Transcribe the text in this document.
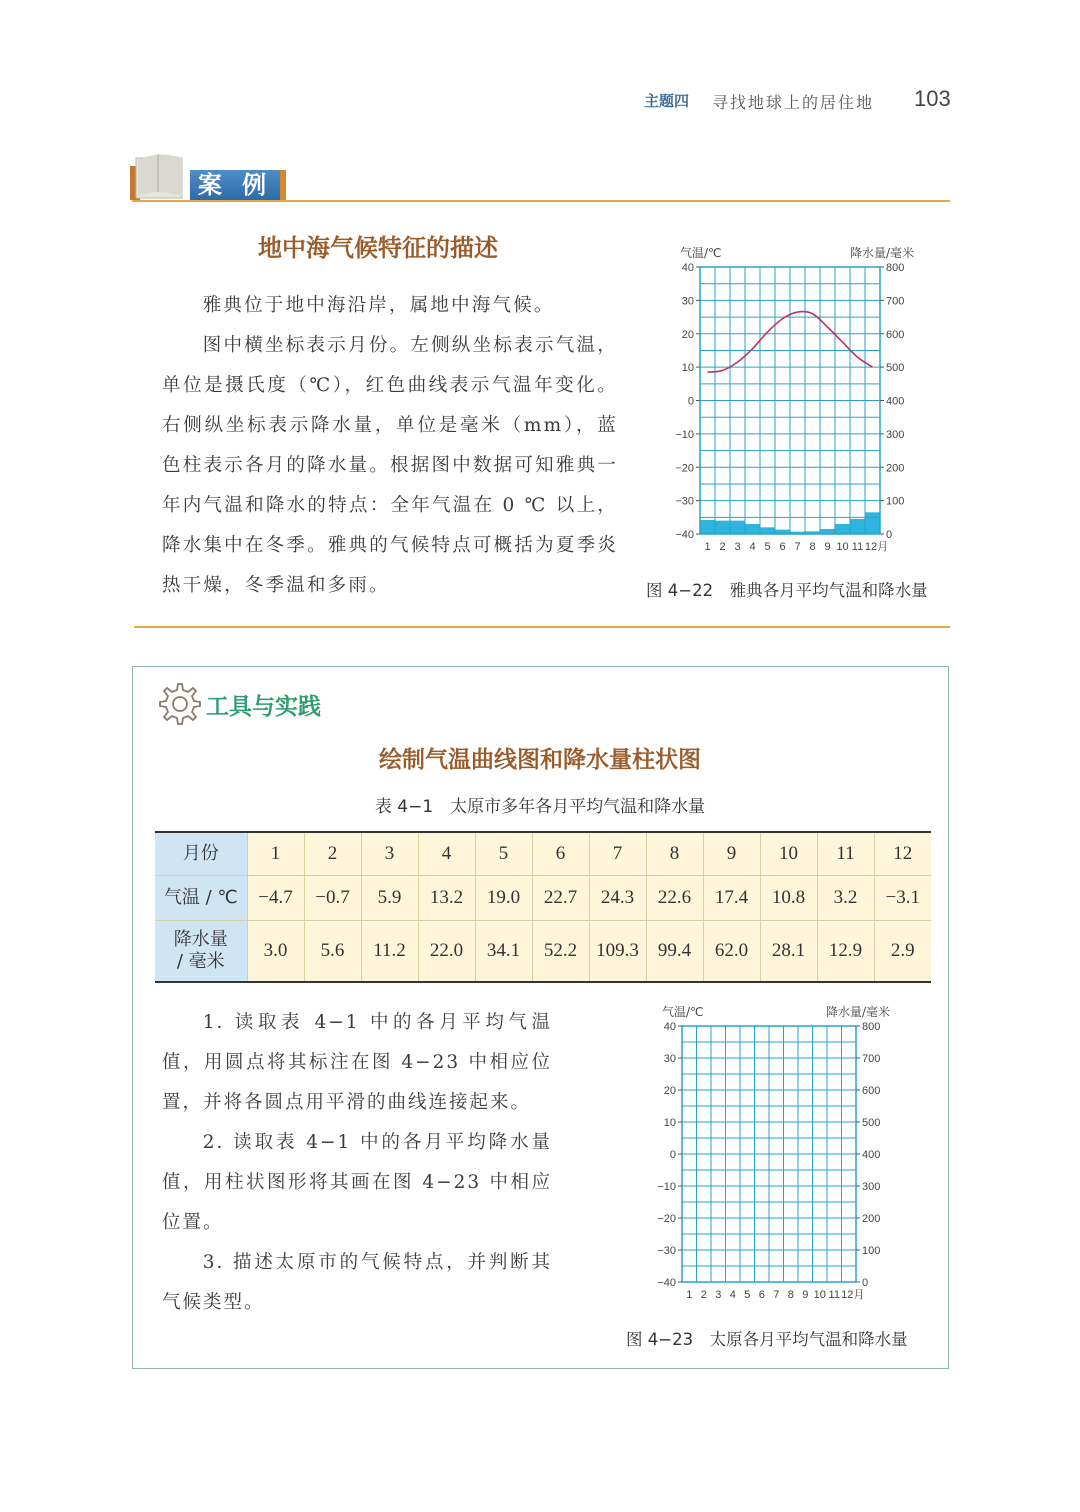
主题四 寻找地球上的居住地 103
案 例
地中海气候特征的描述
雅典位于地中海沿岸，属地中海气候。
图中横坐标表示月份。左侧纵坐标表示气温，单位是摄氏度（℃），红色曲线表示气温年变化。右侧纵坐标表示降水量，单位是毫米（mm），蓝色柱表示各月的降水量。根据图中数据可知雅典一年内气温和降水的特点：全年气温在 0 ℃ 以上，降水集中在冬季。雅典的气候特点可概括为夏季炎热干燥，冬季温和多雨。
40
30
20
10
0
−10
−20
−30
−40
800
700
600
500
400
300
200
100
0
1 2 3 4 5 6 7 8 9 10 11 12月
气温/℃	降水量/毫米
图 4−22　雅典各月平均气温和降水量
工具与实践
绘制气温曲线图和降水量柱状图
表 4−1　太原市多年各月平均气温和降水量
月份	1	2	3	4	5	6	7	8	9	10	11	12
气温 / ℃	−4.7	−0.7	5.9	13.2	19.0	22.7	24.3	22.6	17.4	10.8	3.2	−3.1
降水量
/ 毫米	3.0	5.6	11.2	22.0	34.1	52.2	109.3	99.4	62.0	28.1	12.9	2.9
1. 读取表 4−1 中的各月平均气温值，用圆点将其标注在图 4−23 中相应位置，并将各圆点用平滑的曲线连接起来。
2. 读取表 4−1 中的各月平均降水量值，用柱状图形将其画在图 4−23 中相应位置。
3. 描述太原市的气候特点，并判断其气候类型。
40
30
20
10
0
−10
−20
−30
−40
800
700
600
500
400
300
200
100
0
1 2 3 4 5 6 7 8 9 10 11 12月
气温/℃	降水量/毫米
图 4−23　太原各月平均气温和降水量
